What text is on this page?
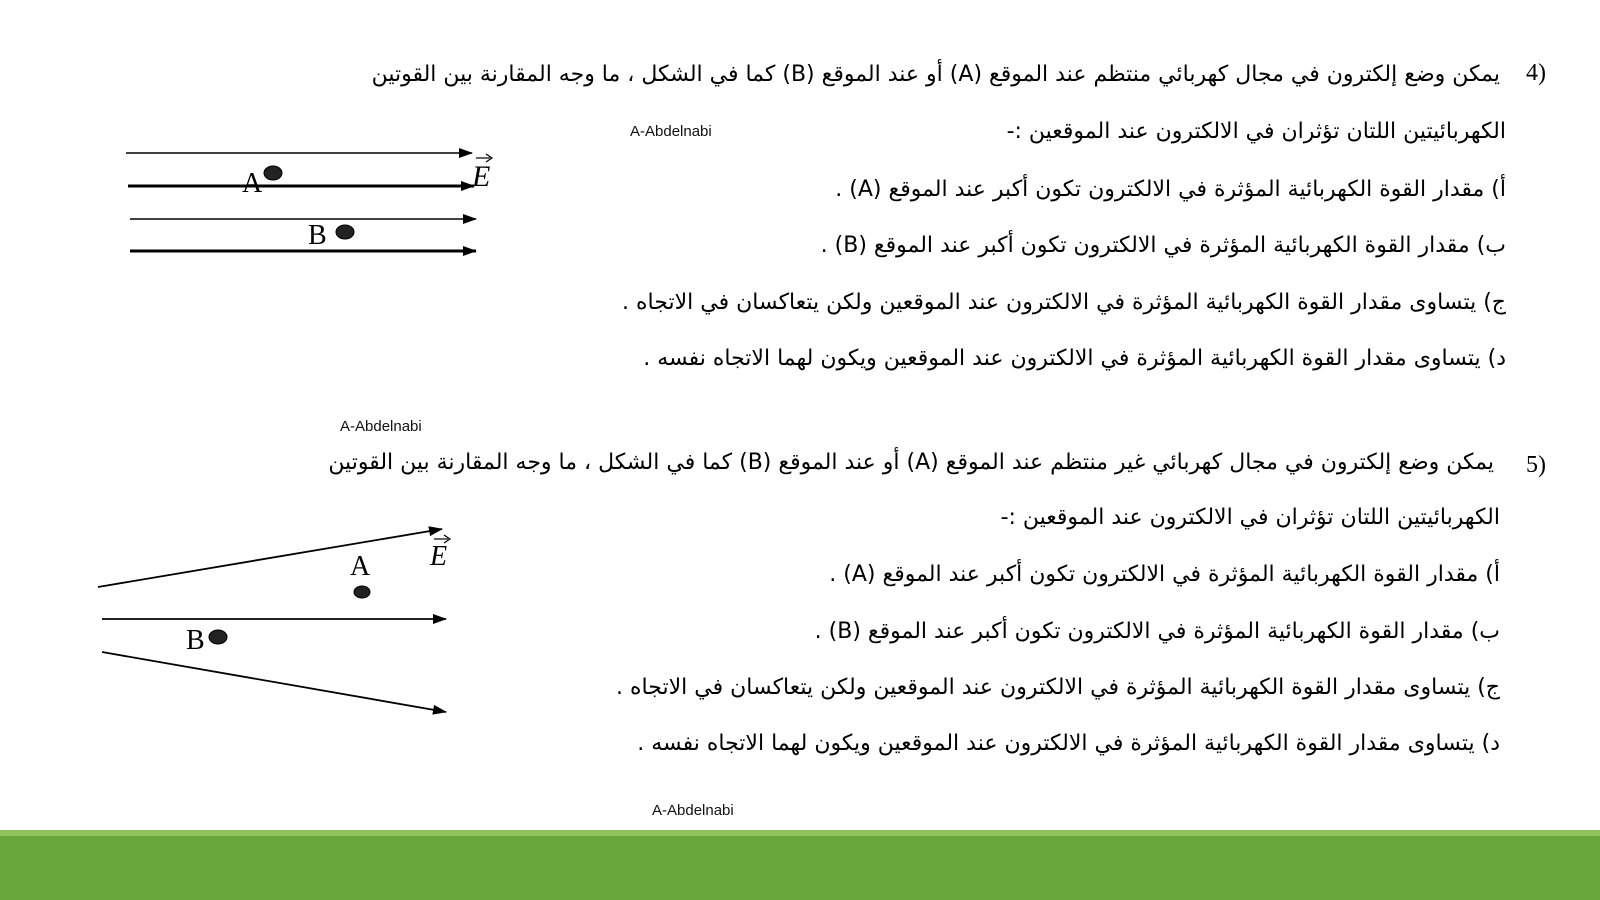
4)
يمكن وضع إلكترون في مجال كهربائي منتظم عند الموقع (A) أو عند الموقع (B) كما في الشكل ، ما وجه المقارنة بين القوتين
الكهربائيتين اللتان تؤثران في الالكترون عند الموقعين :-
أ) مقدار القوة الكهربائية المؤثرة في الالكترون تكون أكبر عند الموقع (A) .
ب) مقدار القوة الكهربائية المؤثرة في الالكترون تكون أكبر عند الموقع (B) .
ج) يتساوى مقدار القوة الكهربائية المؤثرة في الالكترون عند الموقعين ولكن يتعاكسان في الاتجاه .
د) يتساوى مقدار القوة الكهربائية المؤثرة في الالكترون عند الموقعين ويكون لهما الاتجاه نفسه .
A
B
E
A-Abdelnabi
A-Abdelnabi
5)
يمكن وضع إلكترون في مجال كهربائي غير منتظم عند الموقع (A) أو عند الموقع (B) كما في الشكل ، ما وجه المقارنة بين القوتين
الكهربائيتين اللتان تؤثران في الالكترون عند الموقعين :-
أ) مقدار القوة الكهربائية المؤثرة في الالكترون تكون أكبر عند الموقع (A) .
ب) مقدار القوة الكهربائية المؤثرة في الالكترون تكون أكبر عند الموقع (B) .
ج) يتساوى مقدار القوة الكهربائية المؤثرة في الالكترون عند الموقعين ولكن يتعاكسان في الاتجاه .
د) يتساوى مقدار القوة الكهربائية المؤثرة في الالكترون عند الموقعين ويكون لهما الاتجاه نفسه .
A
B
E
A-Abdelnabi
